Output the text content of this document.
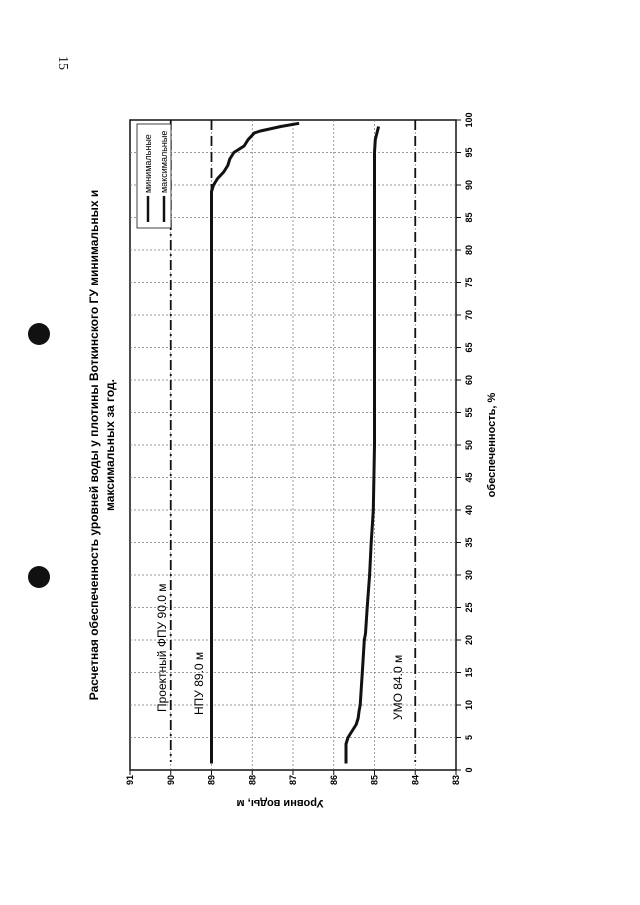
15
91	90	89	88	87	86	85	84	83
0
5
10
15
20
25
30
35
40
45
50
55
60
65
70
75
80
85
90
95
100
минимальные максимальные
Расчетная обеспеченность уровней воды у плотины Воткинского ГУ минимальных и максимальных за год.	обеспеченность, %
Уровни воды, м
Проектный ФПУ 90.0 м НПУ 89.0 м	УМО 84.0 м
